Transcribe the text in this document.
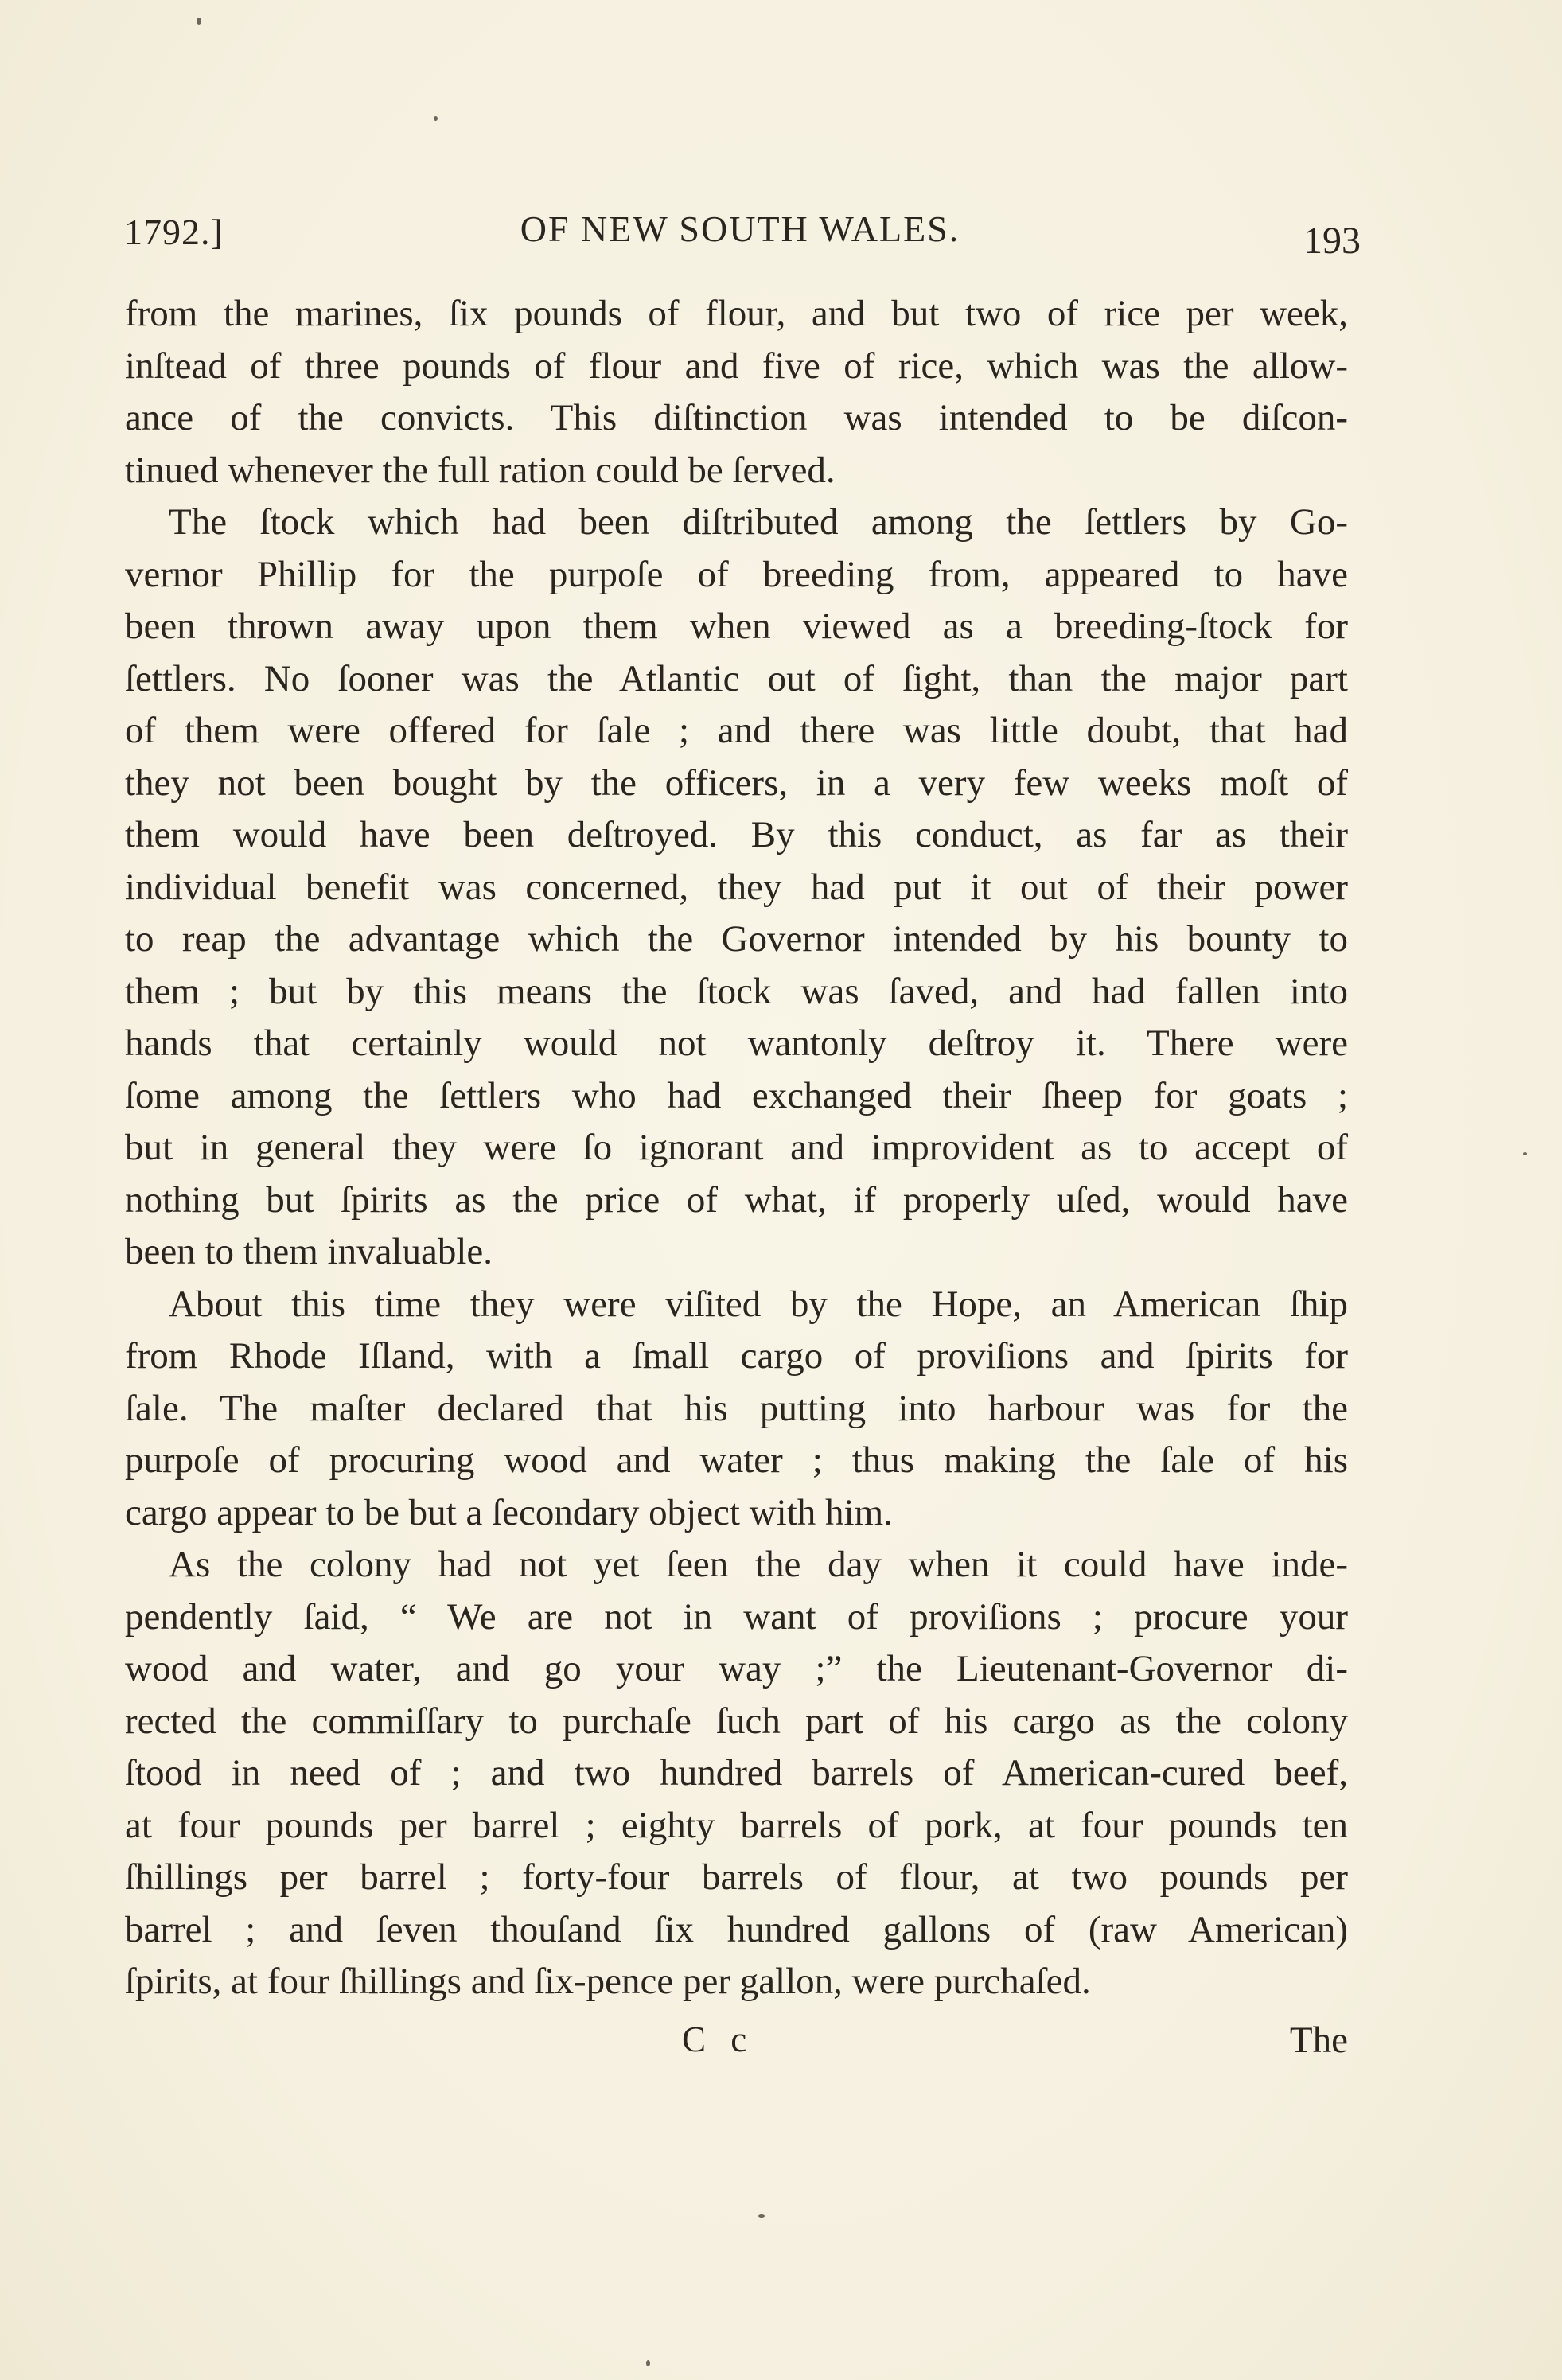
1792.]	OF NEW SOUTH WALES.	193
from the marines, ſix pounds of flour, and but two of rice per week,
inſtead of three pounds of flour and five of rice, which was the allow-
ance of the convicts. This diſtinction was intended to be diſcon-
tinued whenever the full ration could be ſerved.
The ſtock which had been diſtributed among the ſettlers by Go-
vernor Phillip for the purpoſe of breeding from, appeared to have
been thrown away upon them when viewed as a breeding-ſtock for
ſettlers. No ſooner was the Atlantic out of ſight, than the major part
of them were offered for ſale ; and there was little doubt, that had
they not been bought by the officers, in a very few weeks moſt of
them would have been deſtroyed. By this conduct, as far as their
individual benefit was concerned, they had put it out of their power
to reap the advantage which the Governor intended by his bounty to
them ; but by this means the ſtock was ſaved, and had fallen into
hands that certainly would not wantonly deſtroy it. There were
ſome among the ſettlers who had exchanged their ſheep for goats ;
but in general they were ſo ignorant and improvident as to accept of
nothing but ſpirits as the price of what, if properly uſed, would have
been to them invaluable.
About this time they were viſited by the Hope, an American ſhip
from Rhode Iſland, with a ſmall cargo of proviſions and ſpirits for
ſale. The maſter declared that his putting into harbour was for the
purpoſe of procuring wood and water ; thus making the ſale of his
cargo appear to be but a ſecondary object with him.
As the colony had not yet ſeen the day when it could have inde-
pendently ſaid, “ We are not in want of proviſions ; procure your
wood and water, and go your way ;” the Lieutenant-Governor di-
rected the commiſſary to purchaſe ſuch part of his cargo as the colony
ſtood in need of ; and two hundred barrels of American-cured beef,
at four pounds per barrel ; eighty barrels of pork, at four pounds ten
ſhillings per barrel ; forty-four barrels of flour, at two pounds per
barrel ; and ſeven thouſand ſix hundred gallons of (raw American)
ſpirits, at four ſhillings and ſix-pence per gallon, were purchaſed.
C c	The
